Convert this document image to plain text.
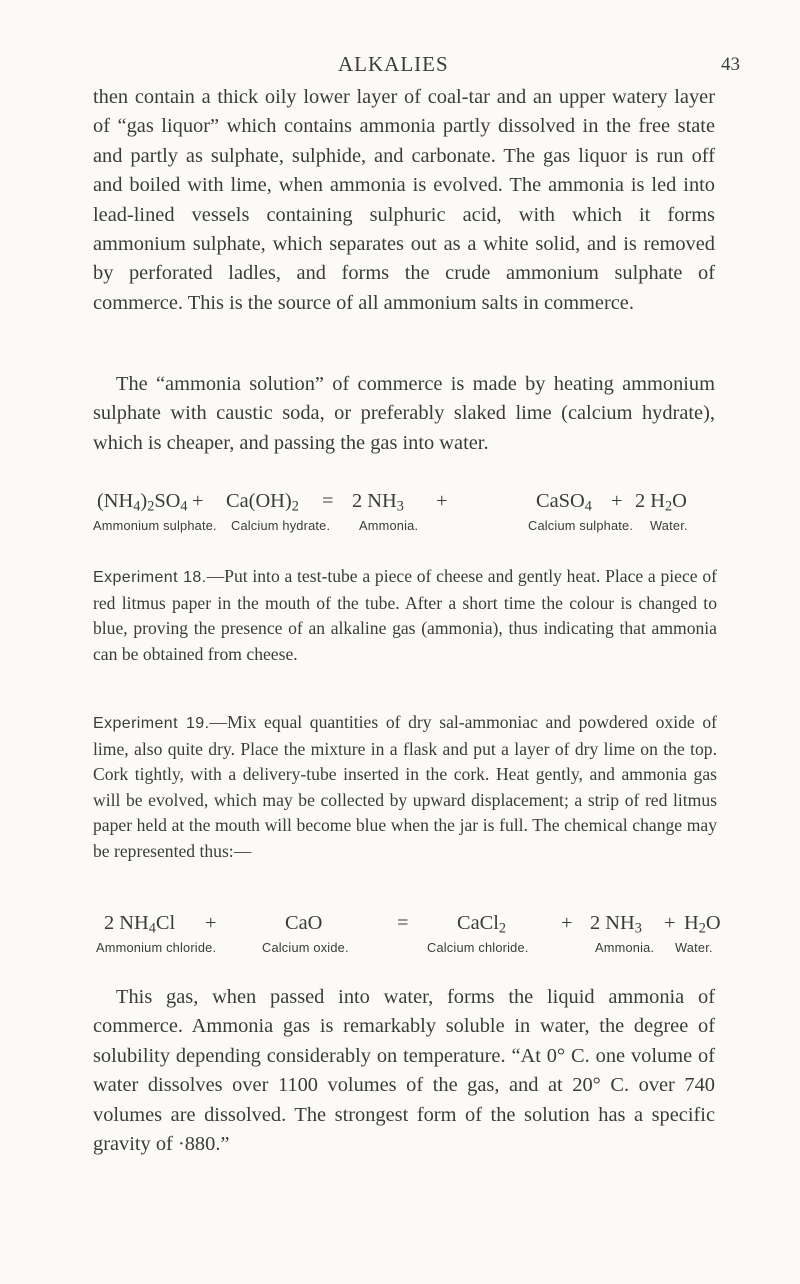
ALKALIES	43

then contain a thick oily lower layer of coal-tar and an upper watery layer of “gas liquor” which contains ammonia partly dissolved in the free state and partly as sulphate, sulphide, and carbonate. The gas liquor is run off and boiled with lime, when ammonia is evolved. The ammonia is led into lead-lined vessels containing sulphuric acid, with which it forms ammonium sulphate, which separates out as a white solid, and is removed by perforated ladles, and forms the crude ammonium sulphate of commerce. This is the source of all ammonium salts in commerce.

The “ammonia solution” of commerce is made by heating ammonium sulphate with caustic soda, or preferably slaked lime (calcium hydrate), which is cheaper, and passing the gas into water.

$(NH_4)_2SO_4 + Ca(OH)_2 = 2$ $NH_3$ +	CaSO$_4$ + 2 $H_2O$
Ammonium sulphate. Calcium hydrate. Ammonia.	Calcium sulphate. Water.

Experiment 18.—Put into a test-tube a piece of cheese and gently heat. Place a piece of red litmus paper in the mouth of the tube. After a short time the colour is changed to blue, proving the presence of an alkaline gas (ammonia), thus indicating that ammonia can be obtained from cheese.

Experiment 19.—Mix equal quantities of dry sal-ammoniac and powdered oxide of lime, also quite dry. Place the mixture in a flask and put a layer of dry lime on the top. Cork tightly, with a delivery-tube inserted in the cork. Heat gently, and ammonia gas will be evolved, which may be collected by upward displacement; a strip of red litmus paper held at the mouth will become blue when the jar is full. The chemical change may be represented thus:—

2 $NH_4Cl$ +	CaO	= CaCl$_2$	+ 2 $NH_3 + H_2O$
Ammonium chloride.	Calcium oxide.	Calcium chloride.	Ammonia. Water.

This gas, when passed into water, forms the liquid ammonia of commerce. Ammonia gas is remarkably soluble in water, the degree of solubility depending considerably on temperature. “At 0° C. one volume of water dissolves over 1100 volumes of the gas, and at 20° C. over 740 volumes are dissolved. The strongest form of the solution has a specific gravity of ·880.”
